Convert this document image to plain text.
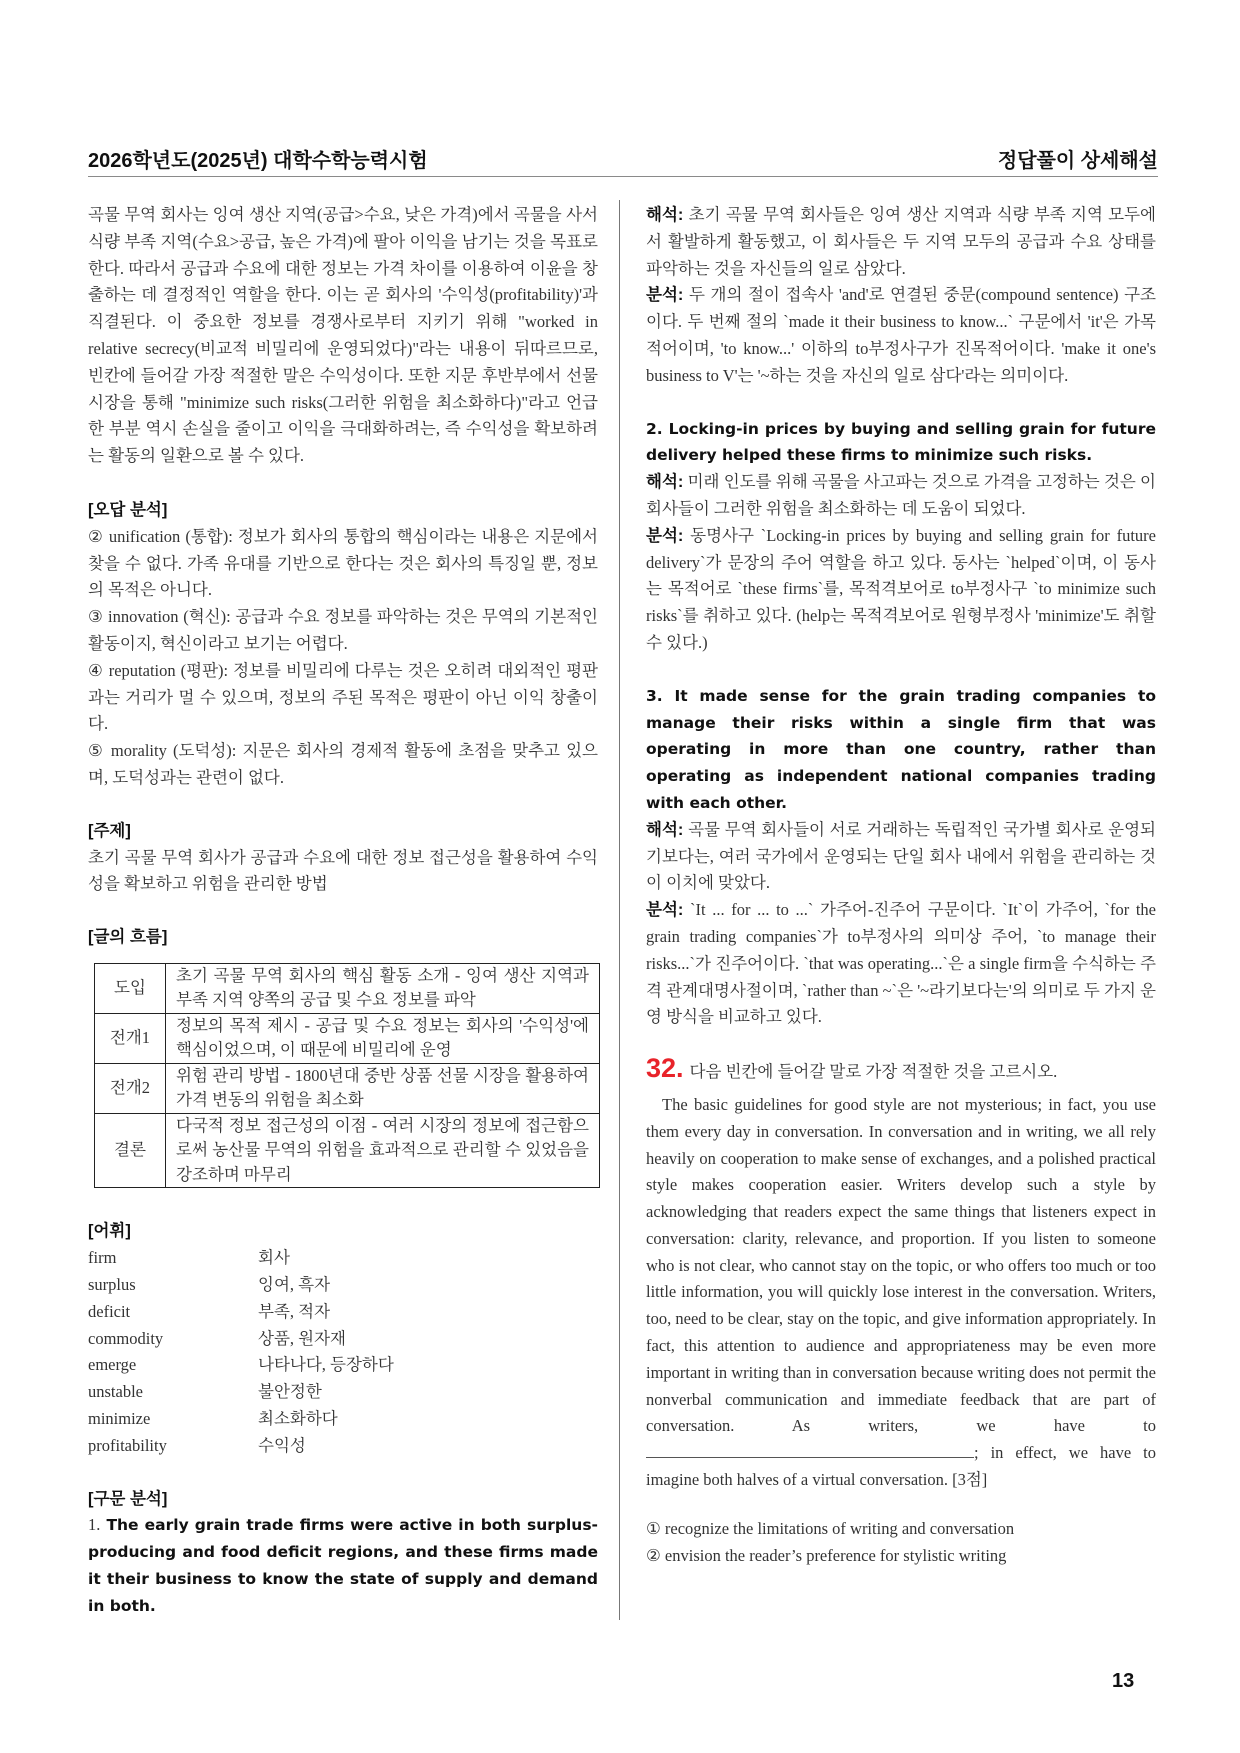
2026학년도(2025년) 대학수학능력시험	정답풀이 상세해설

곡물 무역 회사는 잉여 생산 지역(공급>수요, 낮은 가격)에서 곡물을 사서 식량 부족 지역(수요>공급, 높은 가격)에 팔아 이익을 남기는 것을 목표로 한다. 따라서 공급과 수요에 대한 정보는 가격 차이를 이용하여 이윤을 창출하는 데 결정적인 역할을 한다. 이는 곧 회사의 '수익성(profitability)'과 직결된다. 이 중요한 정보를 경쟁사로부터 지키기 위해 "worked in relative secrecy(비교적 비밀리에 운영되었다)"라는 내용이 뒤따르므로, 빈칸에 들어갈 가장 적절한 말은 수익성이다. 또한 지문 후반부에서 선물 시장을 통해 "minimize such risks(그러한 위험을 최소화하다)"라고 언급한 부분 역시 손실을 줄이고 이익을 극대화하려는, 즉 수익성을 확보하려는 활동의 일환으로 볼 수 있다.

[오답 분석]

② unification (통합): 정보가 회사의 통합의 핵심이라는 내용은 지문에서 찾을 수 없다. 가족 유대를 기반으로 한다는 것은 회사의 특징일 뿐, 정보의 목적은 아니다.

③ innovation (혁신): 공급과 수요 정보를 파악하는 것은 무역의 기본적인 활동이지, 혁신이라고 보기는 어렵다.

④ reputation (평판): 정보를 비밀리에 다루는 것은 오히려 대외적인 평판과는 거리가 멀 수 있으며, 정보의 주된 목적은 평판이 아닌 이익 창출이다.

⑤ morality (도덕성): 지문은 회사의 경제적 활동에 초점을 맞추고 있으며, 도덕성과는 관련이 없다.

[주제]

초기 곡물 무역 회사가 공급과 수요에 대한 정보 접근성을 활용하여 수익성을 확보하고 위험을 관리한 방법

[글의 흐름]
도입	초기 곡물 무역 회사의 핵심 활동 소개 - 잉여 생산 지역과 부족 지역 양쪽의 공급 및 수요 정보를 파악
전개1	정보의 목적 제시 - 공급 및 수요 정보는 회사의 '수익성'에 핵심이었으며, 이 때문에 비밀리에 운영
전개2	위험 관리 방법 - 1800년대 중반 상품 선물 시장을 활용하여 가격 변동의 위험을 최소화
결론	다국적 정보 접근성의 이점 - 여러 시장의 정보에 접근함으로써 농산물 무역의 위험을 효과적으로 관리할 수 있었음을 강조하며 마무리
[어휘]
firm	회사
surplus	잉여, 흑자
deficit	부족, 적자
commodity	상품, 원자재
emerge	나타나다, 등장하다
unstable	불안정한
minimize	최소화하다
profitability	수익성
[구문 분석]

1. The early grain trade firms were active in both surplus-producing and food deficit regions, and these firms made it their business to know the state of supply and demand in both.

해석: 초기 곡물 무역 회사들은 잉여 생산 지역과 식량 부족 지역 모두에서 활발하게 활동했고, 이 회사들은 두 지역 모두의 공급과 수요 상태를 파악하는 것을 자신들의 일로 삼았다.

분석: 두 개의 절이 접속사 'and'로 연결된 중문(compound sentence) 구조이다. 두 번째 절의 `made it their business to know...` 구문에서 'it'은 가목적어이며, 'to know...' 이하의 to부정사구가 진목적어이다. 'make it one's business to V'는 '~하는 것을 자신의 일로 삼다'라는 의미이다.

2. Locking-in prices by buying and selling grain for future delivery helped these firms to minimize such risks.

해석: 미래 인도를 위해 곡물을 사고파는 것으로 가격을 고정하는 것은 이 회사들이 그러한 위험을 최소화하는 데 도움이 되었다.

분석: 동명사구 `Locking-in prices by buying and selling grain for future delivery`가 문장의 주어 역할을 하고 있다. 동사는 `helped`이며, 이 동사는 목적어로 `these firms`를, 목적격보어로 to부정사구 `to minimize such risks`를 취하고 있다. (help는 목적격보어로 원형부정사 'minimize'도 취할 수 있다.)

3. It made sense for the grain trading companies to manage their risks within a single firm that was operating in more than one country, rather than operating as independent national companies trading with each other.

해석: 곡물 무역 회사들이 서로 거래하는 독립적인 국가별 회사로 운영되기보다는, 여러 국가에서 운영되는 단일 회사 내에서 위험을 관리하는 것이 이치에 맞았다.

분석: `It ... for ... to ...` 가주어-진주어 구문이다. `It`이 가주어, `for the grain trading companies`가 to부정사의 의미상 주어, `to manage their risks...`가 진주어이다. `that was operating...`은 a single firm을 수식하는 주격 관계대명사절이며, `rather than ~`은 '~라기보다는'의 의미로 두 가지 운영 방식을 비교하고 있다.

32. 다음 빈칸에 들어갈 말로 가장 적절한 것을 고르시오.

The basic guidelines for good style are not mysterious; in fact, you use them every day in conversation. In conversation and in writing, we all rely heavily on cooperation to make sense of exchanges, and a polished practical style makes cooperation easier. Writers develop such a style by acknowledging that readers expect the same things that listeners expect in conversation: clarity, relevance, and proportion. If you listen to someone who is not clear, who cannot stay on the topic, or who offers too much or too little information, you will quickly lose interest in the conversation. Writers, too, need to be clear, stay on the topic, and give information appropriately. In fact, this attention to audience and appropriateness may be even more important in writing than in conversation because writing does not permit the nonverbal communication and immediate feedback that are part of conversation. As writers, we have to ; in effect, we have to imagine both halves of a virtual conversation. [3점]

① recognize the limitations of writing and conversation
② envision the reader’s preference for stylistic writing
13
